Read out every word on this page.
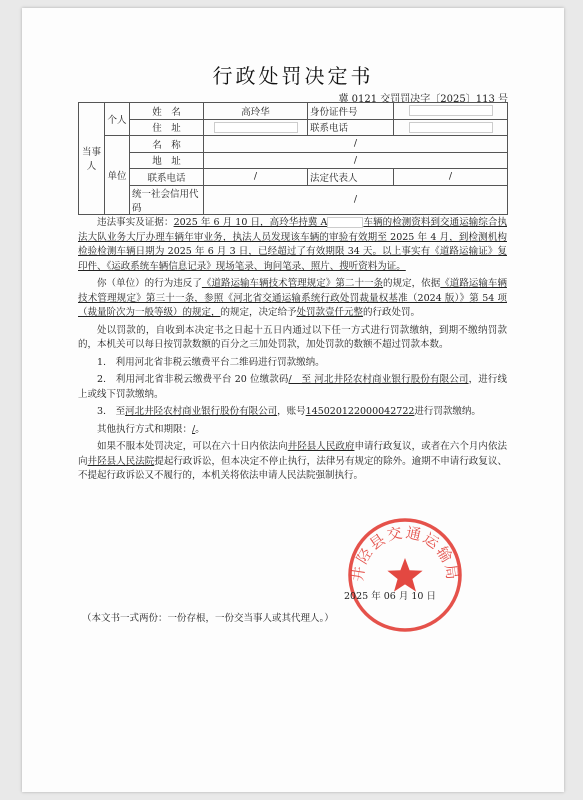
行政处罚决定书
冀 0121 交罚罚决字〔2025〕113 号
当事人	个人	姓　名	高玲华	身份证件号	
		住　址		联系电话	
	单位	名　称	/		
		地　址	/		
		联系电话	/	法定代表人	/
		统一社会信用代码	/		

违法事实及证据：2025 年 6 月 10 日，高玲华持冀 A	车辆的检测资料到交通运输综合执法大队业务大厅办理车辆年审业务，执法人员发现该车辆的审验有效期至 2025 年 4 月，到检测机构检验检测车辆日期为 2025 年 6 月 3 日，已经超过了有效期限 34 天。以上事实有《道路运输证》复印件、《运政系统车辆信息记录》现场笔录、询问笔录、照片、搜听资料为证。

你（单位）的行为违反了《道路运输车辆技术管理规定》第二十一条的规定，依据《道路运输车辆技术管理规定》第三十一条，参照《河北省交通运输系统行政处罚裁量权基准（2024 版）》第 54 项（裁量阶次为一般等级）的规定，的规定，决定给予处罚款壹仟元整的行政处罚。

处以罚款的，自收到本决定书之日起十五日内通过以下任一方式进行罚款缴纳，到期不缴纳罚款的，本机关可以每日按罚款数额的百分之三加处罚款，加处罚款的数额不超过罚款本数。

1.　利用河北省非税云缴费平台二维码进行罚款缴纳。

2.　利用河北省非税云缴费平台 20 位缴款码/　至 河北井陉农村商业银行股份有限公司，进行线上或线下罚款缴纳。

3.　至河北井陉农村商业银行股份有限公司，账号145020122000042722进行罚款缴纳。

其他执行方式和期限：/。

如果不服本处罚决定，可以在六十日内依法向井陉县人民政府申请行政复议，或者在六个月内依法向井陉县人民法院提起行政诉讼，但本决定不停止执行，法律另有规定的除外。逾期不申请行政复议、不提起行政诉讼又不履行的，本机关将依法申请人民法院强制执行。

井陉县交通运输局
2025 年 06 月 10 日
（本文书一式两份：一份存根，一份交当事人或其代理人。）
